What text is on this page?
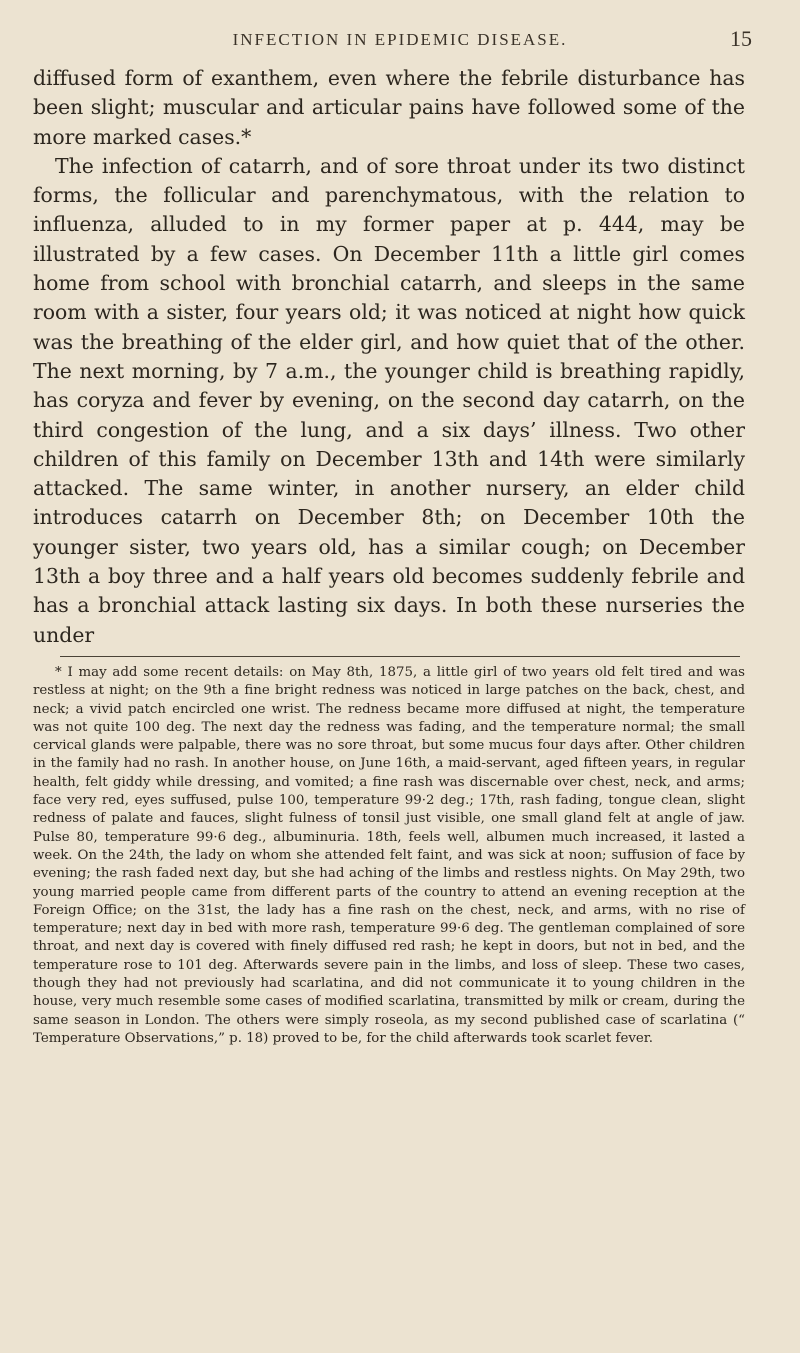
INFECTION IN EPIDEMIC DISEASE.	15

diffused form of exanthem, even where the febrile disturbance has been slight; muscular and articular pains have followed some of the more marked cases.*

The infection of catarrh, and of sore throat under its two distinct forms, the follicular and parenchymatous, with the relation to influenza, alluded to in my former paper at p. 444, may be illustrated by a few cases. On December 11th a little girl comes home from school with bronchial catarrh, and sleeps in the same room with a sister, four years old; it was noticed at night how quick was the breathing of the elder girl, and how quiet that of the other. The next morning, by 7 a.m., the younger child is breathing rapidly, has coryza and fever by evening, on the second day catarrh, on the third congestion of the lung, and a six days’ illness. Two other children of this family on December 13th and 14th were similarly attacked. The same winter, in another nursery, an elder child introduces catarrh on December 8th; on December 10th the younger sister, two years old, has a similar cough; on December 13th a boy three and a half years old becomes suddenly febrile and has a bronchial attack lasting six days. In both these nurseries the under

* I may add some recent details: on May 8th, 1875, a little girl of two years old felt tired and was restless at night; on the 9th a fine bright redness was noticed in large patches on the back, chest, and neck; a vivid patch encircled one wrist. The redness became more diffused at night, the temperature was not quite 100 deg. The next day the redness was fading, and the temperature normal; the small cervical glands were palpable, there was no sore throat, but some mucus four days after. Other children in the family had no rash. In another house, on June 16th, a maid-servant, aged fifteen years, in regular health, felt giddy while dressing, and vomited; a fine rash was discernable over chest, neck, and arms; face very red, eyes suffused, pulse 100, temperature 99·2 deg.; 17th, rash fading, tongue clean, slight redness of palate and fauces, slight fulness of tonsil just visible, one small gland felt at angle of jaw. Pulse 80, temperature 99·6 deg., albuminuria. 18th, feels well, albumen much increased, it lasted a week. On the 24th, the lady on whom she attended felt faint, and was sick at noon; suffusion of face by evening; the rash faded next day, but she had aching of the limbs and restless nights. On May 29th, two young married people came from different parts of the country to attend an evening reception at the Foreign Office; on the 31st, the lady has a fine rash on the chest, neck, and arms, with no rise of temperature; next day in bed with more rash, temperature 99·6 deg. The gentleman complained of sore throat, and next day is covered with finely diffused red rash; he kept in doors, but not in bed, and the temperature rose to 101 deg. Afterwards severe pain in the limbs, and loss of sleep. These two cases, though they had not previously had scarlatina, and did not communicate it to young children in the house, very much resemble some cases of modified scarlatina, transmitted by milk or cream, during the same season in London. The others were simply roseola, as my second published case of scarlatina (“ Temperature Observations,” p. 18) proved to be, for the child afterwards took scarlet fever.
